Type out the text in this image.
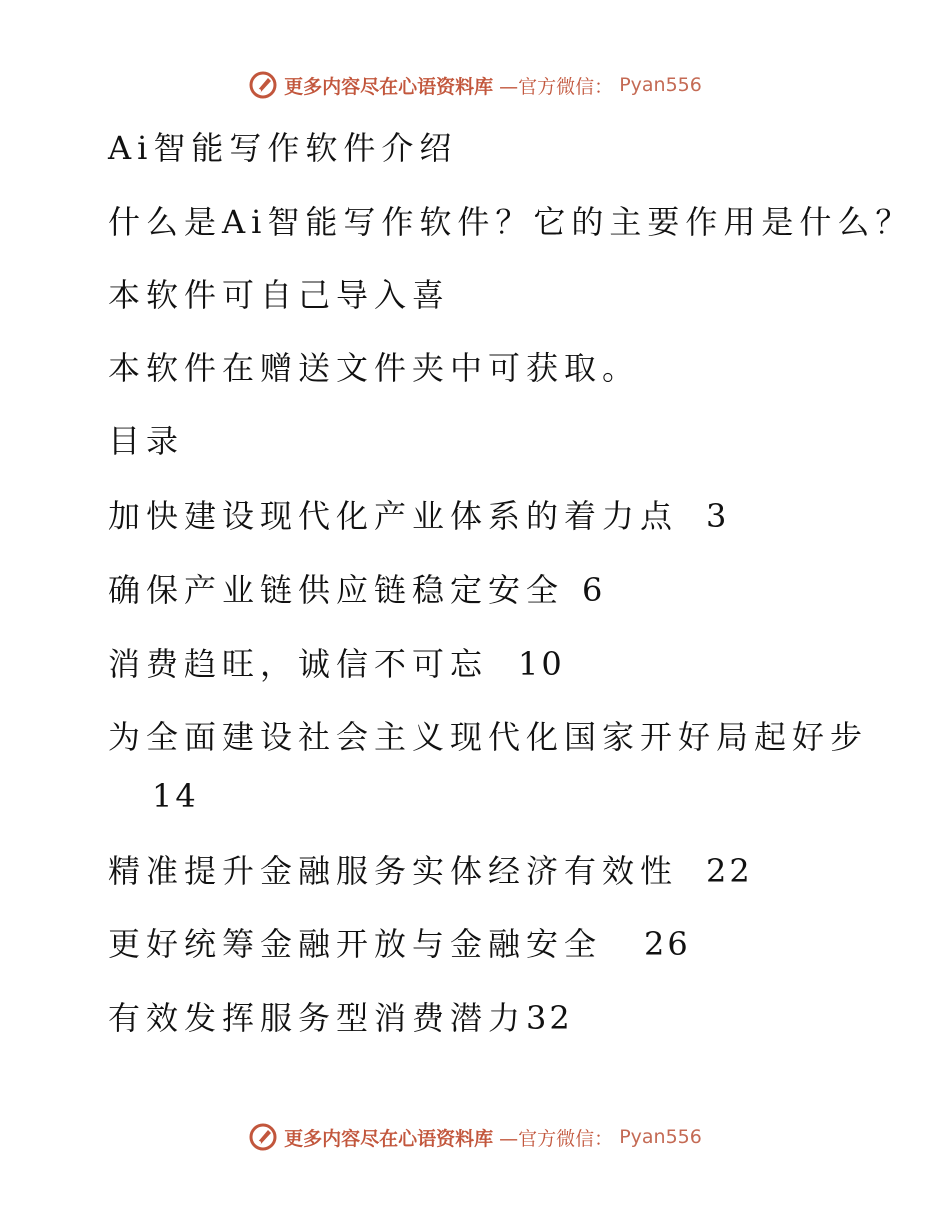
更多内容尽在心语资料库 —官方微信： Pyan556
Ai智能写作软件介绍
什么是Ai智能写作软件？它的主要作用是什么？
本软件可自己导入喜
本软件在赠送文件夹中可获取。
目录
加快建设现代化产业体系的着力点 3
确保产业链供应链稳定安全 6
消费趋旺，诚信不可忘 10
为全面建设社会主义现代化国家开好局起好步
14
精准提升金融服务实体经济有效性 22
更好统筹金融开放与金融安全 26
有效发挥服务型消费潜力32
更多内容尽在心语资料库 —官方微信： Pyan556
